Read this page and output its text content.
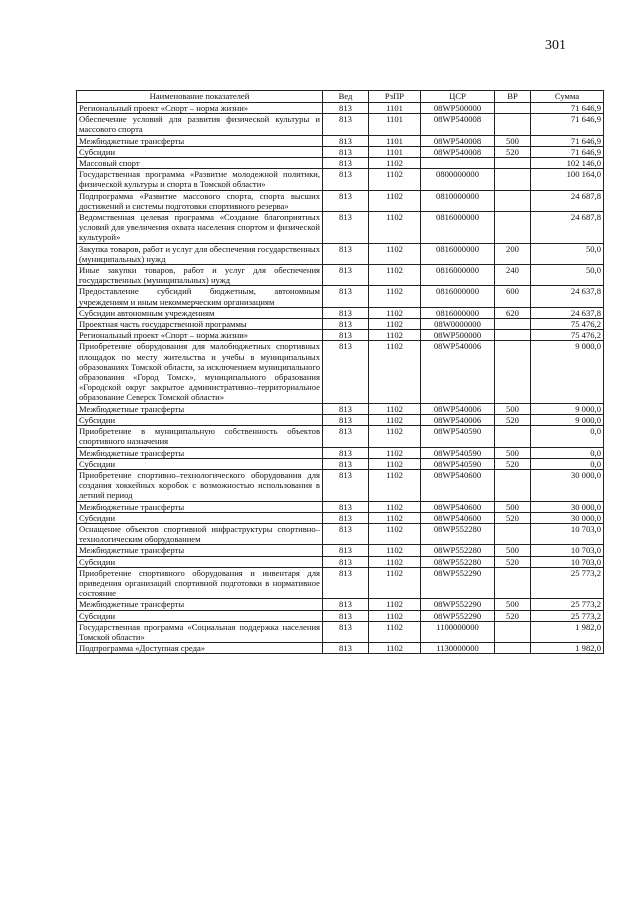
301
Наименование показателей	Вед	РзПР	ЦСР	ВР	Сумма
Региональный проект «Спорт – норма жизни»	813	1101	08WP500000		71 646,9
Обеспечение условий для развития физической культуры и массового спорта	813	1101	08WP540008		71 646,9
Межбюджетные трансферты	813	1101	08WP540008	500	71 646,9
Субсидии	813	1101	08WP540008	520	71 646,9
Массовый спорт	813	1102			102 146,0
Государственная программа «Развитие молодежной политики, физической культуры и спорта в Томской области»	813	1102	0800000000		100 164,0
Подпрограмма «Развитие массового спорта, спорта высших достижений и системы подготовки спортивного резерва»	813	1102	0810000000		24 687,8
Ведомственная целевая программа «Создание благоприятных условий для увеличения охвата населения спортом и физической культурой»	813	1102	0816000000		24 687,8
Закупка товаров, работ и услуг для обеспечения государственных (муниципальных) нужд	813	1102	0816000000	200	50,0
Иные закупки товаров, работ и услуг для обеспечения государственных (муниципальных) нужд	813	1102	0816000000	240	50,0
Предоставление субсидий бюджетным, автономным учреждениям и иным некоммерческим организациям	813	1102	0816000000	600	24 637,8
Субсидии автономным учреждениям	813	1102	0816000000	620	24 637,8
Проектная часть государственной программы	813	1102	08W0000000		75 476,2
Региональный проект «Спорт – норма жизни»	813	1102	08WP500000		75 476,2
Приобретение оборудования для малобюджетных спортивных площадок по месту жительства и учебы в муниципальных образованиях Томской области, за исключением муниципального образования «Город Томск», муниципального образования «Городской округ закрытое административно–территориальное образование Северск Томской области»	813	1102	08WP540006		9 000,0
Межбюджетные трансферты	813	1102	08WP540006	500	9 000,0
Субсидии	813	1102	08WP540006	520	9 000,0
Приобретение в муниципальную собственность объектов спортивного назначения	813	1102	08WP540590		0,0
Межбюджетные трансферты	813	1102	08WP540590	500	0,0
Субсидии	813	1102	08WP540590	520	0,0
Приобретение спортивно–технологического оборудования для создания хоккейных коробок с возможностью использования в летний период	813	1102	08WP540600		30 000,0
Межбюджетные трансферты	813	1102	08WP540600	500	30 000,0
Субсидии	813	1102	08WP540600	520	30 000,0
Оснащение объектов спортивной инфраструктуры спортивно–технологическим оборудованием	813	1102	08WP552280		10 703,0
Межбюджетные трансферты	813	1102	08WP552280	500	10 703,0
Субсидии	813	1102	08WP552280	520	10 703,0
Приобретение спортивного оборудования и инвентаря для приведения организаций спортивной подготовки в нормативное состояние	813	1102	08WP552290		25 773,2
Межбюджетные трансферты	813	1102	08WP552290	500	25 773,2
Субсидии	813	1102	08WP552290	520	25 773,2
Государственная программа «Социальная поддержка населения Томской области»	813	1102	1100000000		1 982,0
Подпрограмма «Доступная среда»	813	1102	1130000000		1 982,0
